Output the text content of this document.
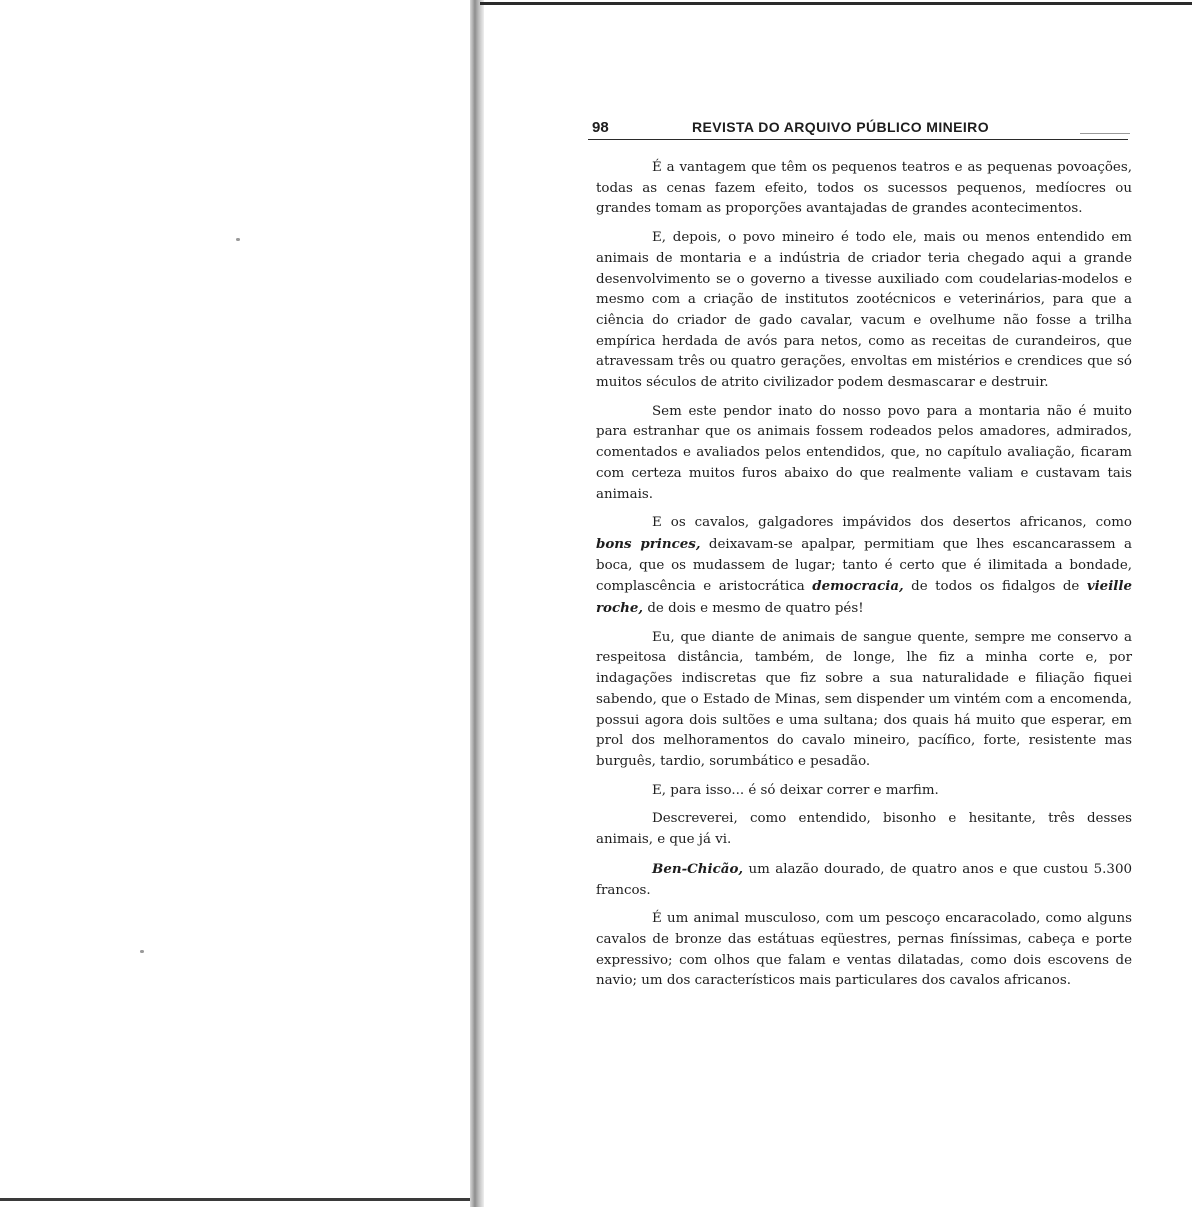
98	REVISTA DO ARQUIVO PÚBLICO MINEIRO

É a vantagem que têm os pequenos teatros e as pequenas povoações, todas as cenas fazem efeito, todos os sucessos pequenos, medíocres ou grandes tomam as proporções avantajadas de grandes acontecimentos.

E, depois, o povo mineiro é todo ele, mais ou menos entendido em animais de montaria e a indústria de criador teria chegado aqui a grande desenvolvimento se o governo a tivesse auxiliado com coudelarias-modelos e mesmo com a criação de institutos zootécnicos e veterinários, para que a ciência do criador de gado cavalar, vacum e ovelhume não fosse a trilha empírica herdada de avós para netos, como as receitas de curandeiros, que atravessam três ou quatro gerações, envoltas em mistérios e crendices que só muitos séculos de atrito civilizador podem desmascarar e destruir.

Sem este pendor inato do nosso povo para a montaria não é muito para estranhar que os animais fossem rodeados pelos amadores, admirados, comentados e avaliados pelos entendidos, que, no capítulo avaliação, ficaram com certeza muitos furos abaixo do que realmente valiam e custavam tais animais.

E os cavalos, galgadores impávidos dos desertos africanos, como bons princes, deixavam-se apalpar, permitiam que lhes escancarassem a boca, que os mudassem de lugar; tanto é certo que é ilimitada a bondade, complascência e aristocrática democracia, de todos os fidalgos de vieille roche, de dois e mesmo de quatro pés!

Eu, que diante de animais de sangue quente, sempre me conservo a respeitosa distância, também, de longe, lhe fiz a minha corte e, por indagações indiscretas que fiz sobre a sua naturalidade e filiação fiquei sabendo, que o Estado de Minas, sem dispender um vintém com a encomenda, possui agora dois sultões e uma sultana; dos quais há muito que esperar, em prol dos melhoramentos do cavalo mineiro, pacífico, forte, resistente mas burguês, tardio, sorumbático e pesadão.

E, para isso... é só deixar correr e marfim.

Descreverei, como entendido, bisonho e hesitante, três desses animais, e que já vi.

Ben-Chicão, um alazão dourado, de quatro anos e que custou 5.300 francos.

É um animal musculoso, com um pescoço encaracolado, como alguns cavalos de bronze das estátuas eqüestres, pernas finíssimas, cabeça e porte expressivo; com olhos que falam e ventas dilatadas, como dois escovens de navio; um dos característicos mais particulares dos cavalos africanos.
